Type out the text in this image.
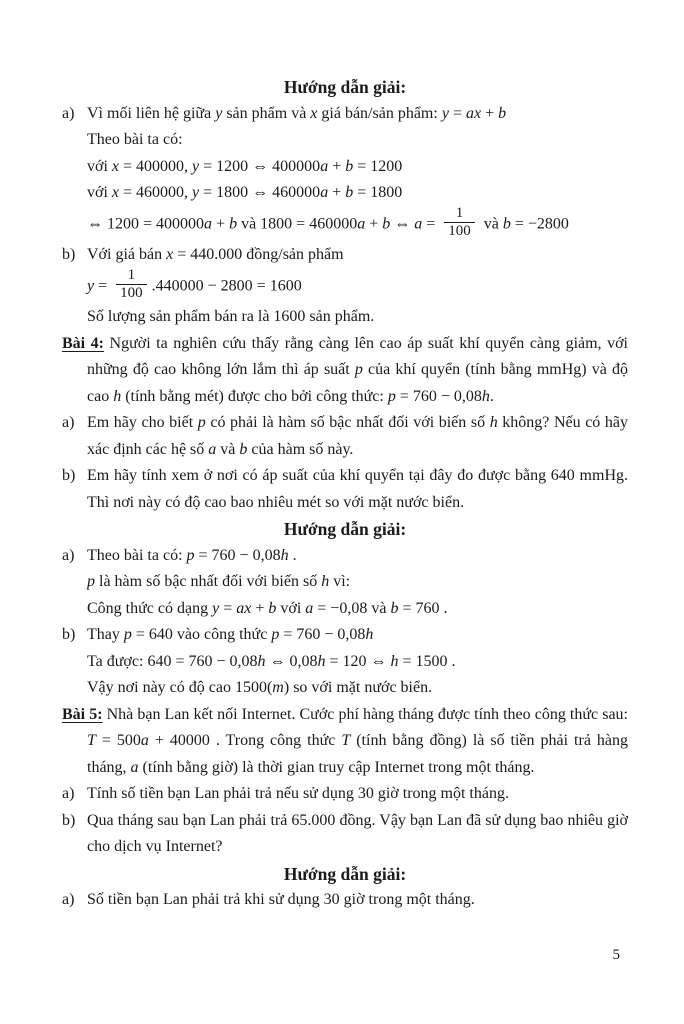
Hướng dẫn giải:
a) Vì mối liên hệ giữa y sản phẩm và x giá bán/sản phẩm: y = ax + b
Theo bài ta có:
với x = 400000, y = 1200 ⇔ 400000a + b = 1200
với x = 460000, y = 1800 ⇔ 460000a + b = 1800
⇔ 1200 = 400000a + b và 1800 = 460000a + b ⇔ $a = \frac{1}{100}$ và b = −2800
b) Với giá bán x = 440.000 đồng/sản phẩm
$y = \frac{1}{100} .440000 - 2800 = 1600$
Số lượng sản phẩm bán ra là 1600 sản phẩm.
Bài 4: Người ta nghiên cứu thấy rằng càng lên cao áp suất khí quyển càng giảm, với những độ cao không lớn lắm thì áp suất p của khí quyển (tính bằng mmHg) và độ cao h (tính bằng mét) được cho bởi công thức: p = 760 − 0,08h.
a) Em hãy cho biết p có phải là hàm số bậc nhất đối với biến số h không? Nếu có hãy xác định các hệ số a và b của hàm số này.
b) Em hãy tính xem ở nơi có áp suất của khí quyển tại đây đo được bằng 640 mmHg. Thì nơi này có độ cao bao nhiêu mét so với mặt nước biển.
Hướng dẫn giải:
a) Theo bài ta có: p = 760 − 0,08h .
p là hàm số bậc nhất đối với biến số h vì:
Công thức có dạng y = ax + b với a = −0,08 và b = 760 .
b) Thay p = 640 vào công thức p = 760 − 0,08h
Ta được: 640 = 760 − 0,08h ⇔ 0,08h = 120 ⇔ h = 1500 .
Vậy nơi này có độ cao 1500(m) so với mặt nước biển.
Bài 5: Nhà bạn Lan kết nối Internet. Cước phí hàng tháng được tính theo công thức sau: T = 500a + 40000 . Trong công thức T (tính bằng đồng) là số tiền phải trả hàng tháng, a (tính bằng giờ) là thời gian truy cập Internet trong một tháng.
a) Tính số tiền bạn Lan phải trả nếu sử dụng 30 giờ trong một tháng.
b) Qua tháng sau bạn Lan phải trả 65.000 đồng. Vậy bạn Lan đã sử dụng bao nhiêu giờ cho dịch vụ Internet?
Hướng dẫn giải:
a) Số tiền bạn Lan phải trả khi sử dụng 30 giờ trong một tháng.
5
